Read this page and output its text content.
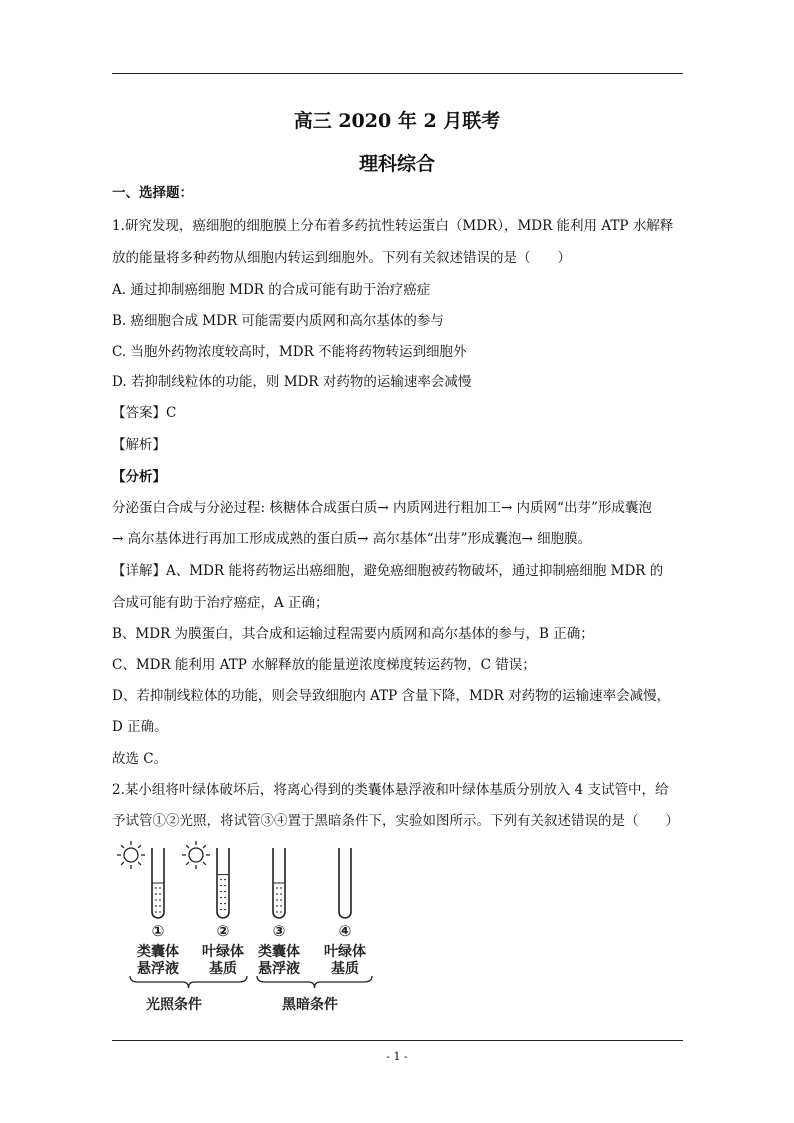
高三 2020 年 2 月联考
理科综合
一、选择题：
1.研究发现，癌细胞的细胞膜上分布着多药抗性转运蛋白（MDR），MDR 能利用 ATP 水解释
放的能量将多种药物从细胞内转运到细胞外。下列有关叙述错误的是（　　）
A. 通过抑制癌细胞 MDR 的合成可能有助于治疗癌症
B. 癌细胞合成 MDR 可能需要内质网和高尔基体的参与
C. 当胞外药物浓度较高时，MDR 不能将药物转运到细胞外
D. 若抑制线粒体的功能，则 MDR 对药物的运输速率会减慢
【答案】C
【解析】
【分析】
分泌蛋白合成与分泌过程: 核糖体合成蛋白质→ 内质网进行粗加工→ 内质网“出芽”形成囊泡
→ 高尔基体进行再加工形成成熟的蛋白质→ 高尔基体“出芽”形成囊泡→ 细胞膜。
【详解】A、MDR 能将药物运出癌细胞，避免癌细胞被药物破坏，通过抑制癌细胞 MDR 的
合成可能有助于治疗癌症，A 正确；
B、MDR 为膜蛋白，其合成和运输过程需要内质网和高尔基体的参与，B 正确；
C、MDR 能利用 ATP 水解释放的能量逆浓度梯度转运药物，C 错误；
D、若抑制线粒体的功能，则会导致细胞内 ATP 含量下降，MDR 对药物的运输速率会减慢，
D 正确。
故选 C。
2.某小组将叶绿体破坏后，将离心得到的类囊体悬浮液和叶绿体基质分别放入 4 支试管中，给
予试管①②光照，将试管③④置于黑暗条件下，实验如图所示。下列有关叙述错误的是（　　）
光照条件	黑暗条件
①
类囊体
悬浮液
②
叶绿体
基质
③
类囊体
悬浮液
④
叶绿体
基质
- 1 -
